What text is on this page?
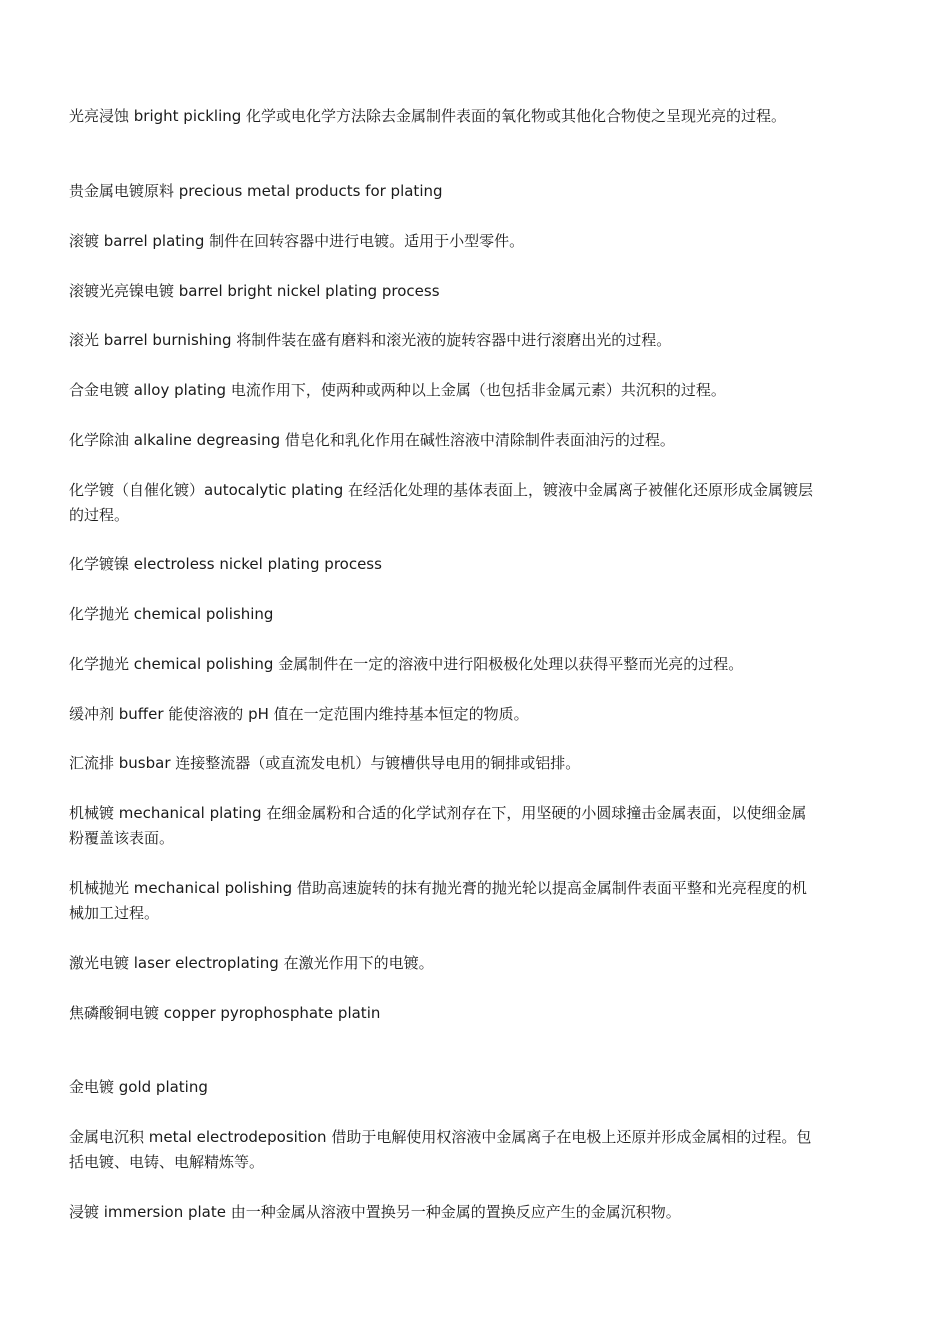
光亮浸蚀 bright pickling 化学或电化学方法除去金属制件表面的氧化物或其他化合物使之呈现光亮的过程。

贵金属电镀原料 precious metal products for plating

滚镀 barrel plating 制件在回转容器中进行电镀。适用于小型零件。

滚镀光亮镍电镀 barrel bright nickel plating process

滚光 barrel burnishing 将制件装在盛有磨料和滚光液的旋转容器中进行滚磨出光的过程。

合金电镀 alloy plating 电流作用下，使两种或两种以上金属（也包括非金属元素）共沉积的过程。

化学除油 alkaline degreasing 借皂化和乳化作用在碱性溶液中清除制件表面油污的过程。

化学镀（自催化镀）autocalytic plating 在经活化处理的基体表面上，镀液中金属离子被催化还原形成金属镀层的过程。

化学镀镍 electroless nickel plating process

化学抛光 chemical polishing

化学抛光 chemical polishing 金属制件在一定的溶液中进行阳极极化处理以获得平整而光亮的过程。

缓冲剂 buffer 能使溶液的 pH 值在一定范围内维持基本恒定的物质。

汇流排 busbar 连接整流器（或直流发电机）与镀槽供导电用的铜排或铝排。

机械镀 mechanical plating 在细金属粉和合适的化学试剂存在下，用坚硬的小圆球撞击金属表面，以使细金属粉覆盖该表面。

机械抛光 mechanical polishing 借助高速旋转的抹有抛光膏的抛光轮以提高金属制件表面平整和光亮程度的机械加工过程。

激光电镀 laser electroplating 在激光作用下的电镀。

焦磷酸铜电镀 copper pyrophosphate platin

金电镀 gold plating

金属电沉积 metal electrodeposition 借助于电解使用权溶液中金属离子在电极上还原并形成金属相的过程。包括电镀、电铸、电解精炼等。

浸镀 immersion plate 由一种金属从溶液中置换另一种金属的置换反应产生的金属沉积物。
